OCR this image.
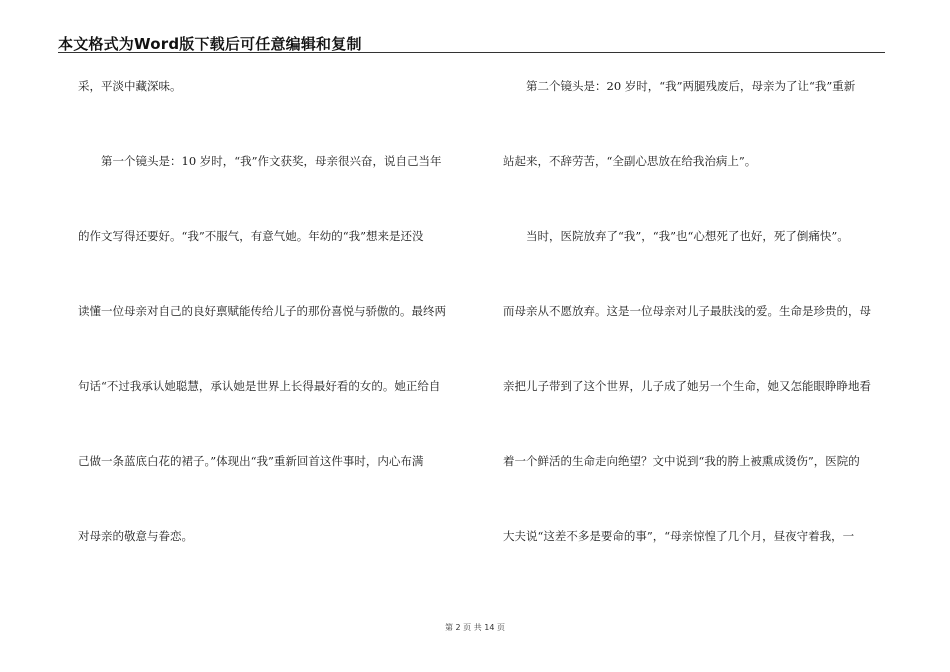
本文格式为Word版下载后可任意编辑和复制
采，平淡中藏深味。
　　第一个镜头是：10 岁时，“我”作文获奖，母亲很兴奋，说自己当年
的作文写得还要好。“我”不服气，有意气她。年幼的“我”想来是还没
读懂一位母亲对自己的良好禀赋能传给儿子的那份喜悦与骄傲的。最终两
句话“不过我承认她聪慧，承认她是世界上长得最好看的女的。她正给自
己做一条蓝底白花的裙子。”体现出“我”重新回首这件事时，内心布满
对母亲的敬意与眷恋。
　　第二个镜头是：20 岁时，“我”两腿残废后，母亲为了让“我”重新
站起来，不辞劳苦，“全副心思放在给我治病上”。
　　当时，医院放弃了“我”，“我”也“心想死了也好，死了倒痛快”。
而母亲从不愿放弃。这是一位母亲对儿子最肤浅的爱。生命是珍贵的，母
亲把儿子带到了这个世界，儿子成了她另一个生命，她又怎能眼睁睁地看
着一个鲜活的生命走向绝望？文中说到“我的胯上被熏成烫伤”，医院的
大夫说“这差不多是要命的事”，“母亲惊惶了几个月，昼夜守着我，一
第 2 页 共 14 页
